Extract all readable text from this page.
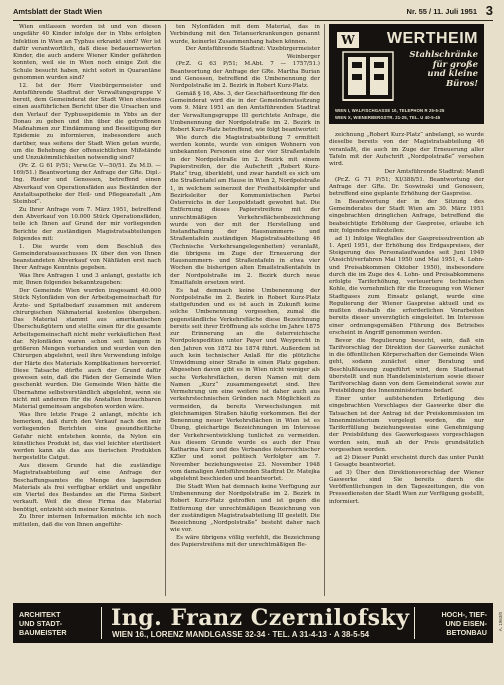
Amtsblatt der Stadt Wien	Nr. 55 / 11. Juli 1951 3

Wien entlassen worden ist und von diesen ungefähr 40 Kinder infolge der in Ybbs erfolgten Infektion in Wien an Typhus erkrankt sind? Wer ist dafür verantwortlich, daß diese bedauernswerten Kinder, die auch andere Wiener Kinder gefährden konnten, weil sie in Wien noch einige Zeit die Schule besucht haben, nicht sofort in Quarantäne genommen wurden sind?

12. Ist der Herr Vizebürgermeister und Amtsführende Stadtrat der Verwaltungsgruppe V bereit, dem Gemeinderat der Stadt Wien ehestens einen ausführlichen Bericht über die Ursachen und den Verlauf der Typhusepidemie in Ybbs an der Donau zu geben und ihn über die getroffenen Maßnahmen zur Eindämmung und Beseitigung der Epidemie zu informieren, insbesondere auch darüber, was seitens der Stadt Wien getan wurde, um die Behebung der offensichtlichen Mißstände und Unzukömmlichkeiten notwendig sind?

(Pr. Z. G 61 P/51; Verw.Gr. V—50/51. Zu M.D. —169/51.) Beantwortung der Anfrage der GRe. Dipl.-Ing. Rieder und Genossen, betreffend einen Abverkauf von Operationsfäden aus Beständen der Anstaltsapotheke der Heil- und Pflegeanstalt „Am Steinhof“.

Zu Ihrer Anfrage vom 7. März 1951, betreffend den Abverkauf von 10.000 Stück Operationsfäden, teile ich Ihnen auf Grund der mir vorliegenden Berichte der zuständigen Magistratsabteilungen folgendes mit:

1. Die wurde vom dem Beschluß des Gemeinderatsausschusses IX über den von Ihnen beanstandeten Abverkauf von Nähfäden erst nach Ihrer Anfrage Kenntnis gegeben.

Was Ihre Anfragen 1 und 3 anlangt, gestatte ich mir, Ihnen folgendes bekanntzugeben:

Der Gemeinde Wien wurden insgesamt 40.000 Stück Nylonfäden von der Arbeitsgemeinschaft für Ärzte- und Spitalbedarf zusammen mit anderem chirurgischen Nähmaterial kostenlos übergeben. Das Material stammt aus amerikanischen Überschußgütern und stellte einen für die gesamte Arbeitsgemeinschaft nicht mehr verkäuflichen Rest dar. Nylonfäden waren schon seit langem in größeren Mengen vorhanden und wurden von den Chirurgen abgelehnt, weil ihre Verwendung infolge der Härte des Materials Komplikationen hervorrief. Diese Tatsache dürfte auch der Grund dafür gewesen sein, daß die Fäden der Gemeinde Wien geschenkt wurden. Die Gemeinde Wien hätte die Übernahme selbstverständlich abgelehnt, wenn sie nicht mit anderem für die Anstalten brauchbaren Material gemeinsam angeboten worden wäre.

Was Ihre letzte Frage 2 anlangt, möchte ich bemerken, daß durch den Verkauf nach den mir vorliegenden Berichten eine gesundheitliche Gefahr nicht entstehen konnte, da Nylon ein künstliches Produkt ist, das viel leichter sterilisiert werden kann als das aus tierischen Produkten hergestellte Catgut.

Aus diesem Grunde hat die zuständige Magistratsabteilung auf eine Anfrage der Beschaffungsamtes die Menge des lagernden Materials als frei verfügbar erklärt und ungefähr ein Viertel des Bestandes an die Firma Siebert verkauft. Weil die diese Firma das Material benötigt, entzieht sich meiner Kenntnis.

Zu Ihrer internen Information möchte ich noch mitteilen, daß die von Ihnen angeführ-

ten Nylonfäden mit dem Material, das in Verbindung mit den Tetanuerkrankungen genannt wurde, keinerlei Zusammenhang haben können.

Der Amtsführende Stadtrat: Vizebürgermeister Weinberger

(Pr.Z. G 63 P/51; M.Abt. 7 — 1757/51.) Beantwortung der Anfrage der GRe. Martha Burian und Genossen, betreffend die Umbenennung der Nordpolstraße im 2. Bezirk in Robert Kurz-Platz.

Gemäß § 16, Abs. 3, der Geschäftsordnung für den Gemeinderat wird die in der Gemeinderatssitzung vom 9. März 1951 an den Amtsführenden Stadtrat der Verwaltungsgruppe III gerichtete Anfrage, die Umbenennung der Nordpolstraße im 2. Bezirk in Robert Kurz-Platz betreffend, wie folgt beantwortet:

Wie durch die Magistratsabteilung 7 ermittelt werden konnte, wurde von einigen Wohnern von unbekannten Personen eine der vier Straßentafeln in der Nordpolstraße im 2. Bezirk mit einem Papierstreifen, der die Aufschrift „Robert Kurz-Platz“ trug, überklebt, und zwar handelt es sich um die Straßentafel am Hause in Wien 2, Nordpolstraße 1, in welchem seinerzeit der Freiheitskämpfer und Bezirksleiter der Kommunistischen Partei Österreichs in der Leopoldstadt gewohnt hat. Die Entfernung dieses Papierstreifens mit der unrechtmäßigen Verkehrsflächenbezeichnung wurde von der mit der Herstellung und Instandhaltung der Hausnummern- und Straßentafeln zuständigen Magistratsabteilung 46 (Technische Verkehrsangelegenheiten) veranlaßt, die übrigens im Zuge der Erneuerung der Hausnummern- und Straßentafeln in etwa vier Wochen die bisherigen alten Emailstraßentafeln in der Nordpolstraße im 2. Bezirk durch neue Emailtafeln ersetzen wird.

Es hat demnach keine Umbenennung der Nordpolstraße im 2. Bezirk in Robert Kurz-Platz stattgefunden und es ist auch in Zukunft keine solche Umbenennung vorgesehen, zumal die gegenständliche Verkehrsfläche diese Bezeichnung bereits seit ihrer Eröffnung als solche im Jahre 1875 zur Erinnerung an die österreichische Nordpolexpedition unter Payer und Weyprecht in den Jahren von 1872 bis 1874 führt. Außerdem ist auch kein technischer Anlaß für die plötzliche Umwidmung einer Straße in einen Platz gegeben. Abgesehen davon gibt es in Wien nicht weniger als sechs Verkehrsflächen, deren Namen mit dem Namen „Kurz“ zusammengesetzt sind. Ihre Vermehrung um eine weitere ist daher auch aus verkehrstechnischen Gründen nach Möglichkeit zu vermeiden, da bereits Verwechslungen mit gleichnamigen Straßen häufig vorkommen. Bei der Benennung neuer Verkehrsflächen in Wien ist es Übung, gleichartige Bezeichnungen im Interesse der Verkehrsentwicklung tunlichst zu vermeiden. Aus diesem Grunde wurde es auch der Frau Katharina Kurz und des Verbandes österreichischer KZler und sonst politisch Verfolgter am 7. November beziehungsweise 23. November 1948 vom damaligen Amtsführenden Stadtrat Dr. Matejka abgelehnt beschieden und beantwortet.

Die Stadt Wien hat demnach keine Verfügung zur Umbenennung der Nordpolstraße im 2. Bezirk in Robert Kurz-Platz getroffen und ist gegen die Entfernung der unrechtmäßigen Bezeichnung von der zuständigen Magistratsabteilung III gestellt. Die Bezeichnung „Nordpolstraße“ besteht daher nach wie vor.

Es wäre übrigens völlig verfehlt, die Bezeichnung des Papierstreifens mit der unrechtmäßigen Be-

W WERTHEIM
Stahlschränke
für große
und kleine
Büros!
WIEN I, WALFISCHGASSE 10, TELEPHON R 25-5-25
WIEN X, WIENERBERGSTR. 21-25, TEL. U 40-5-45

zeichnung „Robert Kurz-Platz“ anbelangt, so wurde dieselbe bereits von der Magistratsabteilung 46 veranlaßt, die auch im Zuge der Erneuerung aller Tafeln mit der Aufschrift „Nordpolstraße“ versehen wird.

Der Amtsführende Stadtrat: Mandl

(Pr.Z. G 71 P/51; XI/388/51. Beantwortung der Anfrage der GRe. Dr. Soswinski und Genossen, betreffend eine geplante Erhöhung der Gaspreise.

In Beantwortung der in der Sitzung des Gemeinderates der Stadt Wien am 30. März 1951 eingebrachten dringlichen Anfrage, betreffend die beabsichtigte Erhöhung der Gaspreise, erlaube ich mir, folgendes mitzuteilen:

ad 1) Infolge Wegfalles der Gaspreissubvention ab 1. April 1951, der Erhöhung des Erdgaspreises, der Steigerung des Personalaufwandes seit Juni 1949 (Ansicht/verfahren Mai 1950 und Mai 1951, 4. Lohn- und Preisabkommen Oktober 1950), insbesondere durch die im Zuge des 4. Lohn- und Preisabkommens erfolgte Tariferhöhung, verteuertere technischen Kohle, die vornehmlich für die Erzeugung von Wiener Stadtgases zum Einsatz gelangt, wurde eine Regulierung der Wiener Gaspreise aktuell und es mußten deshalb die erforderlichen Vorarbeiten bereits dieser unverzüglich eingeleitet. Im Interesse einer ordnungsgemäßen Führung des Betriebes erscheint in Angriff genommen werden.

Bevor die Regulierung besucht, sein, daß ein Tarifvorschlag der Direktion der Gaswerke zunächst in die öffentlichen Körperschaften der Gemeinde Wien geht, sodann zunächst einer Beratung und Beschlußfassung zugeführt wird, dem Stadtsenat überstellt und nun Handelsministerium sowie dieser Tarifvorschlag dann von dem Gemeinderat sowie zur Preisbildung des Innenministeriums bedarf.

Einer unter aufstehenden Erledigung des eingebrachten Vorschlages der Gaswerke über die Tatsachen ist der Antrag ist der Preiskommission im Innenministerium vorgelegt worden, die nur Tariferfüllung beziehungsweise eine Genehmigung der Preisbildung des Gaswerksgases vorgeschlagen worden sein, muß ab der Preis grundsätzlich vorgesehen worden.

ad 2) Dieser Punkt erscheint durch das unter Punkt 1 Gesagte beantwortet.

ad 3) Über den Direktionsvorschlag der Wiener Gaswerke sind Sie bereits durch die Veröffentlichungen in den Tageszeitungen, die von Pressediensten der Stadt Wien zur Verfügung gestellt, informiert.

ARCHITEKT
UND STADT-
BAUMEISTER
Ing. Franz Czernilofsky
WIEN 16., LORENZ MANDLGASSE 32-34 · TEL. A 31-4-13 · A 38-5-54
HOCH-, TIEF-
UND EISEN-
BETONBAU
A. 1963/0
